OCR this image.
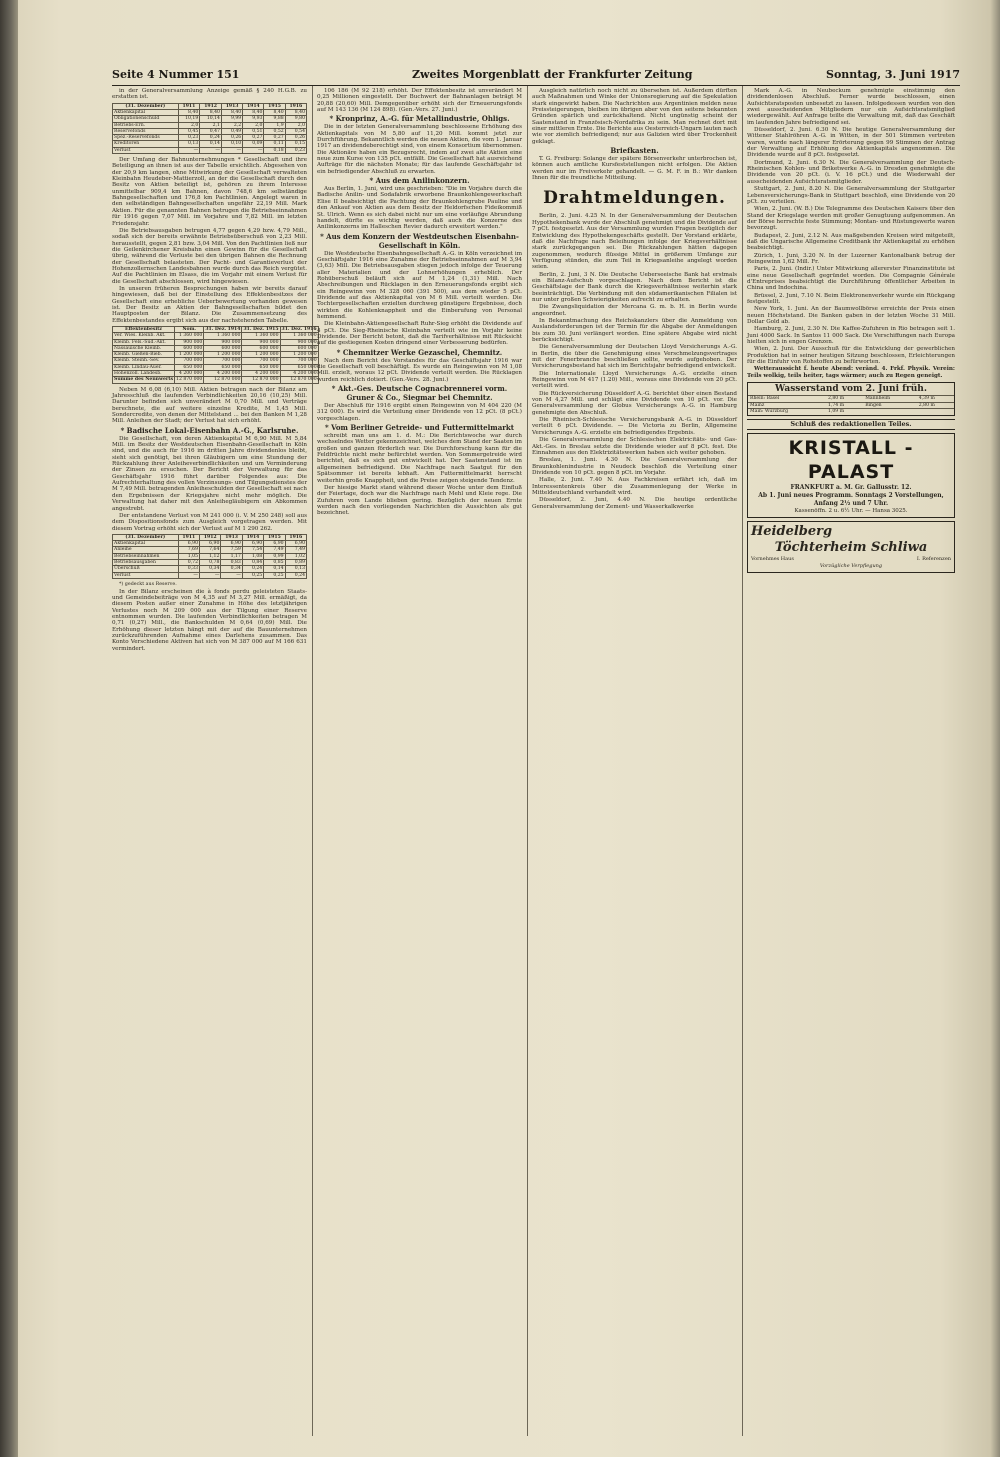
Seite 4 Nummer 151	Zweites Morgenblatt der Frankfurter Zeitung	Sonntag, 3. Juni 1917

in der Generalversammlung Anzeige gemäß § 240 H.G.B. zu erstatten ist.

(31. Dezember)	1911	1912	1913	1914	1915	1916
Aktienkapital	8,40	8,40	8,40	8,40	8,40	8,40
Obligationenschuld	10,19	10,14	9,99	9,93	9,88	9,80
Betriebs-Ern.	2,0	2,1	2,2	2,0	1,9	2,0
Reservefonds	0,45	0,47	0,49	0,51	0,52	0,54
Spez.-Reservefonds	0,23	0,24	0,26	0,27	0,27	0,26
Kreditoren	0,13	0,14	0,10	0,09	0,11	0,15
Verlust	—	—	—	—	0,18	0,23

Der Umfang der Bahnunternehmungen * Gesellschaft und ihre Beteiligung an ihnen ist aus der Tabelle ersichtlich. Abgesehen von der 20,9 km langen, ohne Mitwirkung der Gesellschaft verwalteten Kleinbahn Heudeber-Mattierzoll, an der die Gesellschaft durch den Besitz von Aktien beteiligt ist, gehören zu ihrem Interesse unmittelbar 909,4 km Bahnen, davon 748,6 km selbständige Bahngesellschaften und 176,8 km Pachtlinien. Angelegt waren in den selbständigen Bahngesellschaften ungefähr 22,19 Mill. Mark Aktien. Für die genannten Bahnen betrugen die Betriebseinnahmen für 1916 gegen 7,07 Mill. im Vorjahre und 7,82 Mill. im letzten Friedensjahr.

Die Betriebsausgaben betrugen 4,77 gegen 4,29 bzw. 4,79 Mill., sodaß sich der bereits erwähnte Betriebsüberschuß von 2,23 Mill. herausstellt, gegen 2,81 bzw. 3,04 Mill. Von den Pachtlinien ließ nur die Geilenkirchener Kreisbahn einen Gewinn für die Gesellschaft übrig, während die Verluste bei den übrigen Bahnen die Rechnung der Gesellschaft belasteten. Der Pacht- und Garantieverlust der Hohenzollernschen Landesbahnen wurde durch das Reich vergütet. Auf die Pachtlinien im Elsass, die im Vorjahr mit einem Verlust für die Gesellschaft abschlossen, wird hingewiesen.

In unseren früheren Besprechungen haben wir bereits darauf hingewiesen, daß bei der Einstellung des Effektenbesitzes der Gesellschaft eine erhebliche Ueberbewertung vorhanden gewesen ist. Der Besitz an Aktien der Bahngesellschaften bildet den Hauptposten der Bilanz. Die Zusammensetzung des Effektenbestandes ergibt sich aus der nachstehenden Tabelle.

Effektenbesitz	Nom.	31. Dez. 1914	31. Dez. 1915	31. Dez. 1916
Ver. Wies. Kleinb. Akt.	1 360 000	1 360 000	1 360 000	1 360 000
Kleinb. Fels.-Sud.-Akt.	900 000	900 000	900 000	900 000
Nassauische Kleinb.	600 000	600 000	600 000	600 000
Kleinb. Gießen-Bieb.	1 200 000	1 200 000	1 200 000	1 200 000
Kleinb. Steinh.-Sev.	700 000	700 000	700 000	700 000
Kleinb. Lindau-Auer.	650 000	650 000	650 000	650 000
Hohenzoll. Landesb.	4 200 000	4 200 000	4 200 000	4 200 000
Summe des Nennwerts	12 870 000	12 870 000	12 870 000	12 870 000

Neben M 6,08 (6,10) Mill. Aktien betragen nach der Bilanz am Jahresschluß die laufenden Verbindlichkeiten 20,16 (10,25) Mill. Darunter befinden sich unverändert M 0,70 Mill. und Verträge berechnete, die auf weitere einzelne Kredite, M 1,45 Mill. Sondercredite, von denen der Mittelstand ... bei den Banken M 1,28 Mill. Anleihen der Stadt; der Verlust hat sich erhöht.

* Badische Lokal-Eisenbahn A.-G., Karlsruhe.

Die Gesellschaft, von deren Aktienkapital M 6,90 Mill. M 5,84 Mill. im Besitz der Westdeutschen Eisenbahn-Gesellschaft in Köln sind, und die auch für 1916 im dritten Jahre dividendenlos bleibt, sieht sich genötigt, bei ihren Gläubigern um eine Stundung der Rückzahlung ihrer Anleiheverbindlichkeiten und um Verminderung der Zinsen zu ersuchen. Der Bericht der Verwaltung für das Geschäftsjahr 1916 führt darüber Folgendes aus: Die Aufrechterhaltung des vollen Verzinsungs- und Tilgungsdienstes der M 7,49 Mill. betragenden Anleiheschulden der Gesellschaft sei nach den Ergebnissen der Kriegsjahre nicht mehr möglich. Die Verwaltung hat daher mit den Anleihegläubigern ein Abkommen angestrebt.

Der entstandene Verlust von M 241 000 (i. V. M 250 248) soll aus dem Dispositionsfonds zum Ausgleich vorgetragen werden. Mit diesem Vortrag erhöht sich der Verlust auf M 1 290 262.

(31. Dezember)	1911	1912	1913	1914	1915	1916
Aktienkapital	6,90	6,90	6,90	6,90	6,90	6,90
Anleihe	7,69	7,64	7,59	7,54	7,49	7,49
Betriebseinnahmen	1,05	1,12	1,17	1,08	0,99	1,02
Betriebsausgaben	0,72	0,78	0,83	0,84	0,85	0,89
Überschuß	0,33	0,34	0,34	0,24	0,14	0,13
Verlust	—	—	—	0,25	0,25	0,24

*) gedeckt aus Reserve.

In der Bilanz erscheinen die à fonds perdu geleisteten Staats- und Gemeindebeiträge von M 4,35 auf M 3,27 Mill. ermäßigt, da diesem Posten außer einer Zunahme in Höhe des letztjährigen Verlustes noch M 209 000 aus der Tilgung einer Reserve entnommen wurden. Die laufenden Verbindlichkeiten betragen M 0,71 (0,27) Mill., die Bankschulden M 0,64 (0,69) Mill. Die Erhöhung dieser letzten hängt mit der auf die Bauunternehmen zurückzuführenden Aufnahme eines Darlehens zusammen. Das Konto Verschiedene Aktiven hat sich von M 387 000 auf M 166 631 vermindert.

106 186 (M 92 218) erhöht. Der Effektenbesitz ist unverändert M 0,25 Millionen eingestellt. Der Buchwert der Bahnanlagen beträgt M 20,88 (20,60) Mill. Demgegenüber erhöht sich der Erneuerungsfonds auf M 143 136 (M 124 898). (Gen.-Vers. 27. Juni.)

* Kronprinz, A.-G. für Metallindustrie, Ohligs.

Die in der letzten Generalversammlung beschlossene Erhöhung des Aktienkapitals von M 5,80 auf 11,20 Mill. kommt jetzt zur Durchführung. Bekanntlich werden die neuen Aktien, die vom 1. Januar 1917 an dividendeberechtigt sind, von einem Konsortium übernommen. Die Aktionäre haben ein Bezugsrecht, indem auf zwei alte Aktien eine neue zum Kurse von 135 pCt. entfällt. Die Gesellschaft hat ausreichend Aufträge für die nächsten Monate; für das laufende Geschäftsjahr ist ein befriedigender Abschluß zu erwarten.

* Aus dem Anilinkonzern.

Aus Berlin, 1. Juni, wird uns geschrieben: "Die im Vorjahre durch die Badische Anilin- und Sodafabrik erworbene Braunkohlengewerkschaft Elise II beabsichtigt die Pachtung der Braunkohlengrube Pauline und den Ankauf von Aktien aus dem Besitz der Heldorfschen Fideikommiß St. Ulrich. Wenn es sich dabei nicht nur um eine vorläufige Abrundung handelt, dürfte es wichtig werden, daß auch die Konzerne des Anilinkonzerns im Halleschen Revier dadurch erweitert werden."

* Aus dem Konzern der Westdeutschen Eisenbahn-Gesellschaft in Köln.

Die Westdeutsche Eisenbahngesellschaft A.-G. in Köln verzeichnet im Geschäftsjahr 1916 eine Zunahme der Betriebseinnahmen auf M 3,94 (3,63) Mill. Die Betriebsausgaben stiegen jedoch infolge der Teuerung aller Materialien und der Lohnerhöhungen erheblich. Der Rohüberschuß beläuft sich auf M 1,24 (1,31) Mill. Nach Abschreibungen und Rücklagen in den Erneuerungsfonds ergibt sich ein Reingewinn von M 328 060 (391 500), aus dem wieder 5 pCt. Dividende auf das Aktienkapital von M 6 Mill. verteilt werden. Die Tochtergesellschaften erzielten durchweg günstigere Ergebnisse, doch wirkten die Kohlenknappheit und die Einberufung von Personal hemmend.

Die Kleinbahn-Aktiengesellschaft Ruhr-Sieg erhöht die Dividende auf 4 pCt. Die Sieg-Rheinische Kleinbahn verteilt wie im Vorjahr keine Dividende. Der Bericht betont, daß die Tarifverhältnisse mit Rücksicht auf die gestiegenen Kosten dringend einer Verbesserung bedürfen.

* Chemnitzer Werke Gezaschel, Chemnitz.

Nach dem Bericht des Vorstandes für das Geschäftsjahr 1916 war die Gesellschaft voll beschäftigt. Es wurde ein Reingewinn von M 1,08 Mill. erzielt, woraus 12 pCt. Dividende verteilt werden. Die Rücklagen wurden reichlich dotiert. (Gen.-Vers. 28. Juni.)

* Akt.-Ges. Deutsche Cognacbrennerei vorm. Gruner & Co., Siegmar bei Chemnitz.

Der Abschluß für 1916 ergibt einen Reingewinn von M 404 220 (M 312 000). Es wird die Verteilung einer Dividende von 12 pCt. (8 pCt.) vorgeschlagen.

* Vom Berliner Getreide- und Futtermittelmarkt

schreibt man uns am 1. d. M.: Die Berichtswoche war durch wechselndes Wetter gekennzeichnet, welches dem Stand der Saaten im großen und ganzen förderlich war. Die Durchforschung kann für die Feldfrüchte nicht mehr befürchtet werden. Von Sommergetreide wird berichtet, daß es sich gut entwickelt hat. Der Saatenstand ist im allgemeinen befriedigend. Die Nachfrage nach Saatgut für den Spätsommer ist bereits lebhaft. Am Futtermittelmarkt herrscht weiterhin große Knappheit, und die Preise zeigen steigende Tendenz.

Der hiesige Markt stand während dieser Woche unter dem Einfluß der Feiertage, doch war die Nachfrage nach Mehl und Kleie rege. Die Zufuhren vom Lande blieben gering. Bezüglich der neuen Ernte werden nach den vorliegenden Nachrichten die Aussichten als gut bezeichnet.

Ausgleich natürlich noch nicht zu übersehen ist. Außerdem dürften auch Maßnahmen und Winke der Unionsregierung auf die Spekulation stark eingewirkt haben. Die Nachrichten aus Argentinien melden neue Preissteigerungen, bleiben im übrigen aber von den seitens bekannten Gründen spärlich und zurückhaltend. Nicht ungünstig scheint der Saatenstand in Französisch-Nordafrika zu sein. Man rechnet dort mit einer mittleren Ernte. Die Berichte aus Oesterreich-Ungarn lauten nach wie vor ziemlich befriedigend; nur aus Galizien wird über Trockenheit geklagt.

Briefkasten.

T. G. Freiburg: Solange der spätere Börsenverkehr unterbrochen ist, können auch amtliche Kursfeststellungen nicht erfolgen. Die Aktien werden nur im Freiverkehr gehandelt. — G. M. F. in B.: Wir danken Ihnen für die freundliche Mitteilung.

Drahtmeldungen.

Berlin, 2. Juni. 4.25 N. In der Generalversammlung der Deutschen Hypothekenbank wurde der Abschluß genehmigt und die Dividende auf 7 pCt. festgesetzt. Aus der Versammlung wurden Fragen bezüglich der Entwicklung des Hypothekengeschäfts gestellt. Der Vorstand erklärte, daß die Nachfrage nach Beleihungen infolge der Kriegsverhältnisse stark zurückgegangen sei. Die Rückzahlungen hätten dagegen zugenommen, wodurch flüssige Mittel in größerem Umfange zur Verfügung stünden, die zum Teil in Kriegsanleihe angelegt worden seien.

Berlin, 2. Juni, 3 N. Die Deutsche Ueberseeische Bank hat erstmals ein Bilanz-Aufschub vorgeschlagen. Nach dem Bericht ist die Geschäftslage der Bank durch die Kriegsverhältnisse weiterhin stark beeinträchtigt. Die Verbindung mit den südamerikanischen Filialen ist nur unter großen Schwierigkeiten aufrecht zu erhalten.

Die Zwangsliquidation der Mercana G. m. b. H. in Berlin wurde angeordnet.

In Bekanntmachung des Reichskanzlers über die Anmeldung von Auslandsforderungen ist der Termin für die Abgabe der Anmeldungen bis zum 30. Juni verlängert worden. Eine spätere Abgabe wird nicht berücksichtigt.

Die Generalversammlung der Deutschen Lloyd Versicherungs A.-G. in Berlin, die über die Genehmigung eines Verschmelzungsvertrages mit der Fenerbranche beschließen sollte, wurde aufgehoben. Der Versicherungsbestand hat sich im Berichtsjahr befriedigend entwickelt.

Die Internationale Lloyd Versicherungs A.-G. erzielte einen Reingewinn von M 417 (1.20) Mill., woraus eine Dividende von 20 pCt. verteilt wird.

Die Rückversicherung Düsseldorf A.-G. berichtet über einen Bestand von M 4,27 Mill. und schlägt eine Dividende von 10 pCt. vor. Die Generalversammlung der Globus Versicherungs A.-G. in Hamburg genehmigte den Abschluß.

Die Rheinisch-Schlesische Versicherungsbank A.-G. in Düsseldorf verteilt 6 pCt. Dividende. — Die Victoria zu Berlin, Allgemeine Versicherungs A.-G. erzielte ein befriedigendes Ergebnis.

Die Generalversammlung der Schlesischen Elektricitäts- und Gas-Akt.-Ges. in Breslau setzte die Dividende wieder auf 8 pCt. fest. Die Einnahmen aus den Elektrizitätswerken haben sich weiter gehoben.

Breslau, 1. Juni. 4.30 N. Die Generalversammlung der Braunkohlenindustrie in Neudeck beschloß die Verteilung einer Dividende von 10 pCt. gegen 8 pCt. im Vorjahr.

Halle, 2. Juni. 7.40 N. Aus Fachkreisen erfährt ich, daß im Interessentenkreis über die Zusammenlegung der Werke in Mitteldeutschland verhandelt wird.

Düsseldorf, 2. Juni, 4.40 N. Die heutige ordentliche Generalversammlung der Zement- und Wasserkalkwerke

Mark A.-G. in Neubeckum genehmigte einstimmig den dividendenlosen Abschluß. Ferner wurde beschlossen, einen Aufsichtsratsposten unbesetzt zu lassen. Infolgedessen wurden von den zwei ausscheidenden Mitgliedern nur ein Aufsichtsratsmitglied wiedergewählt. Auf Anfrage teilte die Verwaltung mit, daß das Geschäft im laufenden Jahre befriedigend sei.

Düsseldorf, 2. Juni. 6.30 N. Die heutige Generalversammlung der Wittener Stahlröhren A.-G. in Witten, in der 501 Stimmen vertreten waren, wurde nach längerer Erörterung gegen 99 Stimmen der Antrag der Verwaltung auf Erhöhung des Aktienkapitals angenommen. Die Dividende wurde auf 8 pCt. festgesetzt.

Dortmund, 2. Juni. 6.30 N. Die Generalversammlung der Deutsch-Rheinischen Kohlen- und Briketwerke A.-G. in Dresden genehmigte die Dividende von 20 pCt. (i. V. 16 pCt.) und die Wiederwahl der ausscheidenden Aufsichtsratsmitglieder.

Stuttgart, 2. Juni, 8.20 N. Die Generalversammlung der Stuttgarter Lebensversicherungs-Bank in Stuttgart beschloß, eine Dividende von 20 pCt. zu verteilen.

Wien, 2. Juni. (W. B.) Die Telegramme des Deutschen Kaisers über den Stand der Kriegslage werden mit großer Genugtuung aufgenommen. An der Börse herrschte feste Stimmung; Montan- und Rüstungswerte waren bevorzugt.

Budapest, 2. Juni, 2.12 N. Aus maßgebenden Kreisen wird mitgeteilt, daß die Ungarische Allgemeine Creditbank ihr Aktienkapital zu erhöhen beabsichtigt.

Zürich, 1. Juni, 3.20 N. In der Luzerner Kantonalbank betrug der Reingewinn 1,62 Mill. Fr.

Paris, 2. Juni. (Indir.) Unter Mitwirkung allererster Finanzinstitute ist eine neue Gesellschaft gegründet worden. Die Compagnie Générale d'Entreprises beabsichtigt die Durchführung öffentlicher Arbeiten in China und Indochina.

Brüssel, 2. Juni, 7.10 N. Beim Elektronenverkehr wurde ein Rückgang festgestellt.

New York, 1. Juni. An der Baumwollbörse erreichte der Preis einen neuen Höchststand. Die Banken gaben in der letzten Woche 31 Mill. Dollar Gold ab.

Hamburg, 2. Juni, 2.30 N. Die Kaffee-Zufuhren in Rio betragen seit 1. Juni 4000 Sack. In Santos 11 000 Sack. Die Verschiffungen nach Europa hielten sich in engen Grenzen.

Wien, 2. Juni. Der Ausschuß für die Entwicklung der gewerblichen Produktion hat in seiner heutigen Sitzung beschlossen, Erleichterungen für die Einfuhr von Rohstoffen zu befürworten.

Wetteraussicht f. heute Abend: veränd. 4. Frkf. Physik. Verein: Teils wolkig, teils heiter, tags wärmer; auch zu Regen geneigt.

Wasserstand vom 2. Juni früh.
Rhein: Basel	2,80 m	Mannheim	4,39 m
Mainz	1,74 m	Bingen	2,80 m
Main: Würzburg	1,09 m		
Schluß des redaktionellen Teiles.
KRISTALL - PALAST
FRANKFURT a. M. Gr. Gallusstr. 12.
Ab 1. Juni neues Programm. Sonntags 2 Vorstellungen, Anfang 2½ und 7 Uhr.
Kassenöffn. 2 u. 6½ Uhr. — Hansa 3025.
Heidelberg
Töchterheim Schliwa
Vornehmes Haus	I. Referenzen
Vorzügliche Verpflegung
